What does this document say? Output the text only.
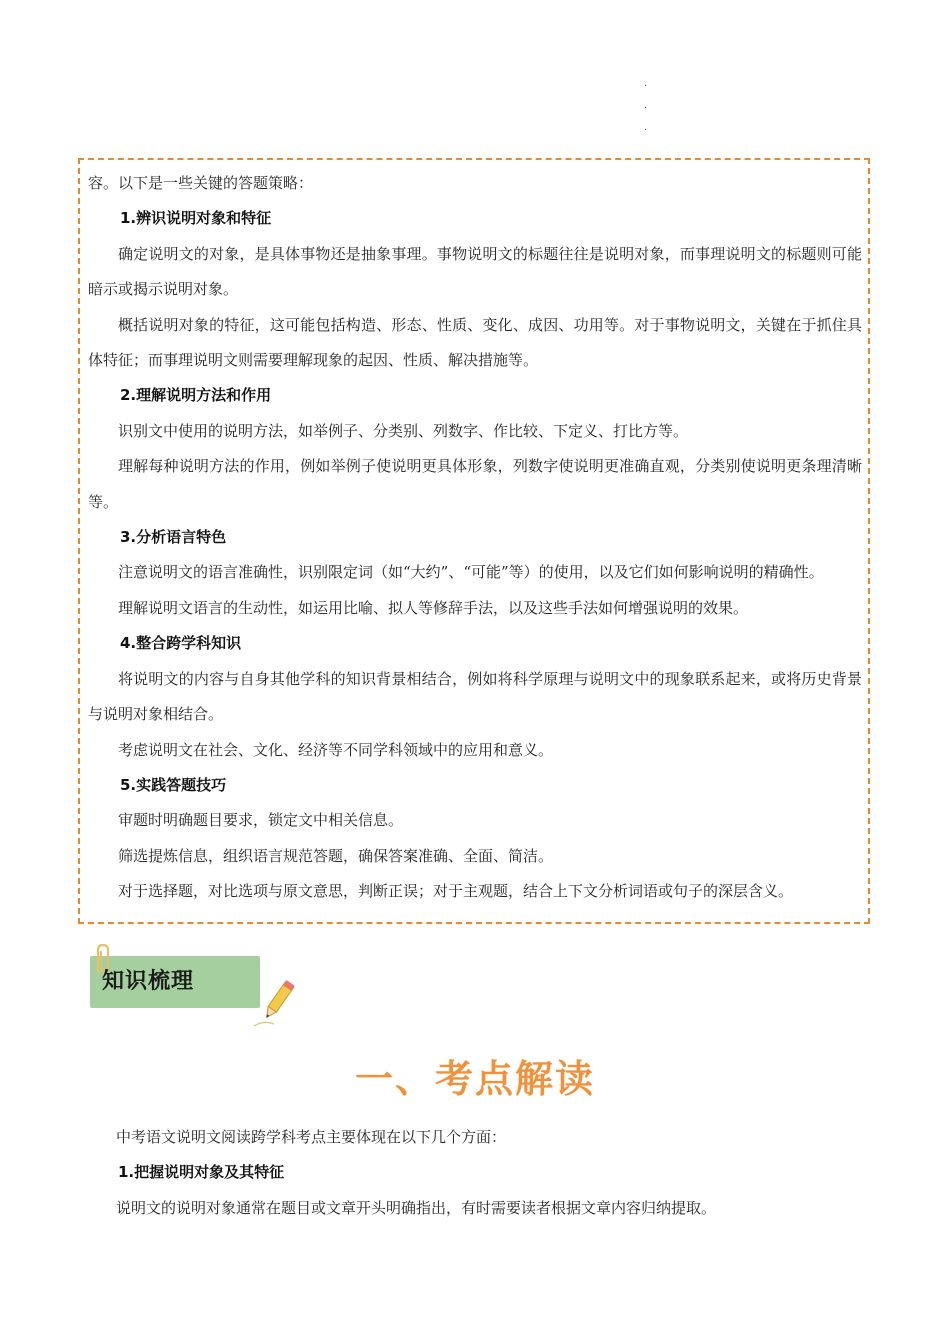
·
·
·

容。以下是一些关键的答题策略：

1.辨识说明对象和特征

确定说明文的对象，是具体事物还是抽象事理。事物说明文的标题往往是说明对象，而事理说明文的标题则可能暗示或揭示说明对象。

概括说明对象的特征，这可能包括构造、形态、性质、变化、成因、功用等。对于事物说明文，关键在于抓住具体特征；而事理说明文则需要理解现象的起因、性质、解决措施等。

2.理解说明方法和作用

识别文中使用的说明方法，如举例子、分类别、列数字、作比较、下定义、打比方等。

理解每种说明方法的作用，例如举例子使说明更具体形象，列数字使说明更准确直观，分类别使说明更条理清晰等。

3.分析语言特色

注意说明文的语言准确性，识别限定词（如“大约”、“可能”等）的使用，以及它们如何影响说明的精确性。

理解说明文语言的生动性，如运用比喻、拟人等修辞手法，以及这些手法如何增强说明的效果。

4.整合跨学科知识

将说明文的内容与自身其他学科的知识背景相结合，例如将科学原理与说明文中的现象联系起来，或将历史背景与说明对象相结合。

考虑说明文在社会、文化、经济等不同学科领域中的应用和意义。

5.实践答题技巧

审题时明确题目要求，锁定文中相关信息。

筛选提炼信息，组织语言规范答题，确保答案准确、全面、简洁。

对于选择题，对比选项与原文意思，判断正误；对于主观题，结合上下文分析词语或句子的深层含义。

知识梳理
一、考点解读

中考语文说明文阅读跨学科考点主要体现在以下几个方面：

1.把握说明对象及其特征

说明文的说明对象通常在题目或文章开头明确指出，有时需要读者根据文章内容归纳提取。
